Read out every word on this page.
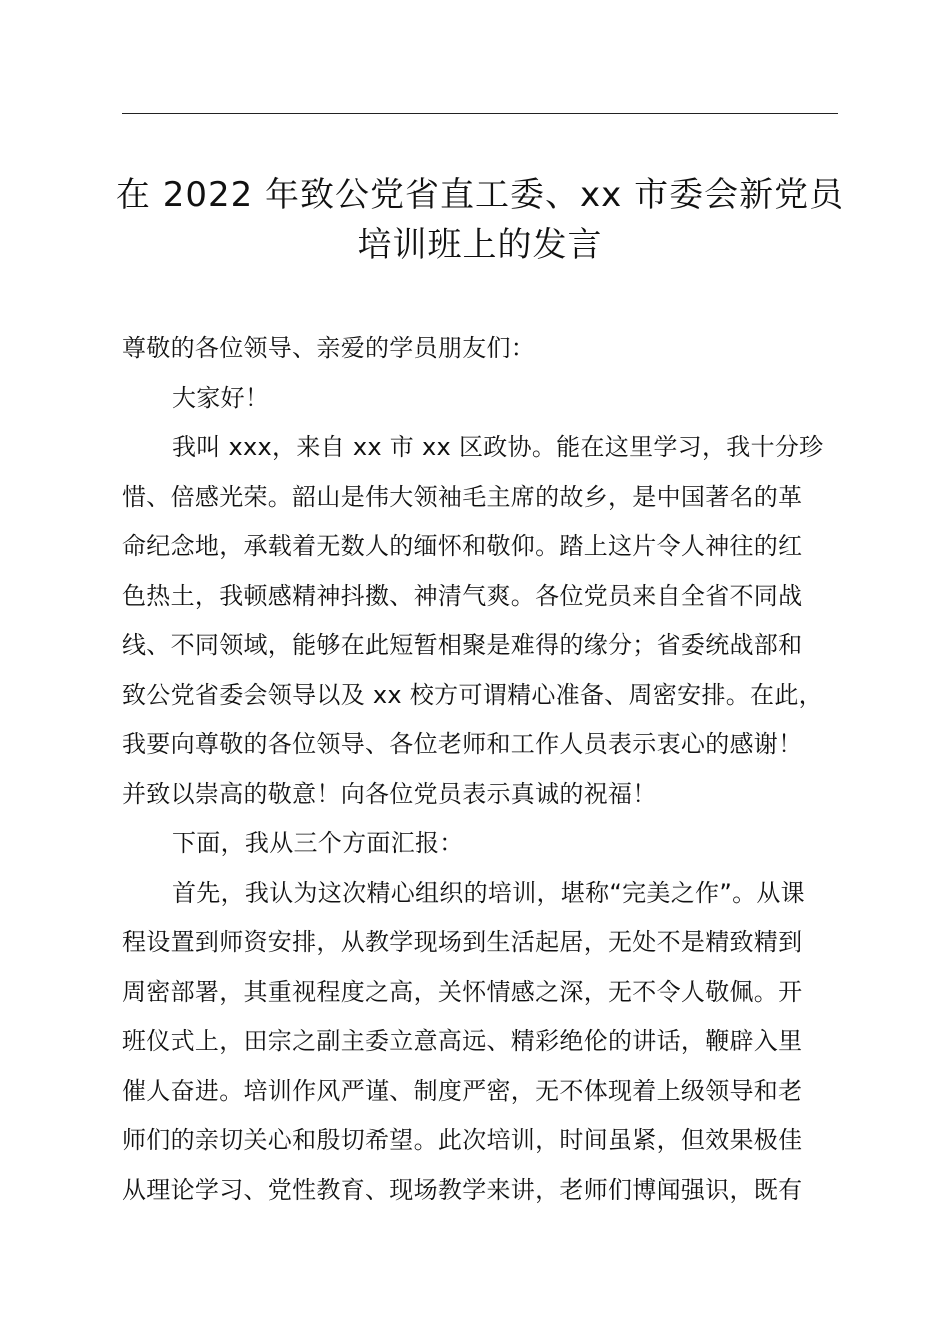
在 2022 年致公党省直工委、xx 市委会新党员
培训班上的发言

尊敬的各位领导、亲爱的学员朋友们：

大家好！

我叫 xxx，来自 xx 市 xx 区政协。能在这里学习，我十分珍
惜、倍感光荣。韶山是伟大领袖毛主席的故乡，是中国著名的革
命纪念地，承载着无数人的缅怀和敬仰。踏上这片令人神往的红
色热土，我顿感精神抖擞、神清气爽。各位党员来自全省不同战
线、不同领域，能够在此短暂相聚是难得的缘分；省委统战部和
致公党省委会领导以及 xx 校方可谓精心准备、周密安排。在此，
我要向尊敬的各位领导、各位老师和工作人员表示衷心的感谢！
并致以崇高的敬意！向各位党员表示真诚的祝福！

下面，我从三个方面汇报：

首先，我认为这次精心组织的培训，堪称“完美之作”。从课
程设置到师资安排，从教学现场到生活起居，无处不是精致精到
周密部署，其重视程度之高，关怀情感之深，无不令人敬佩。开
班仪式上，田宗之副主委立意高远、精彩绝伦的讲话，鞭辟入里
催人奋进。培训作风严谨、制度严密，无不体现着上级领导和老
师们的亲切关心和殷切希望。此次培训，时间虽紧，但效果极佳
从理论学习、党性教育、现场教学来讲，老师们博闻强识，既有
